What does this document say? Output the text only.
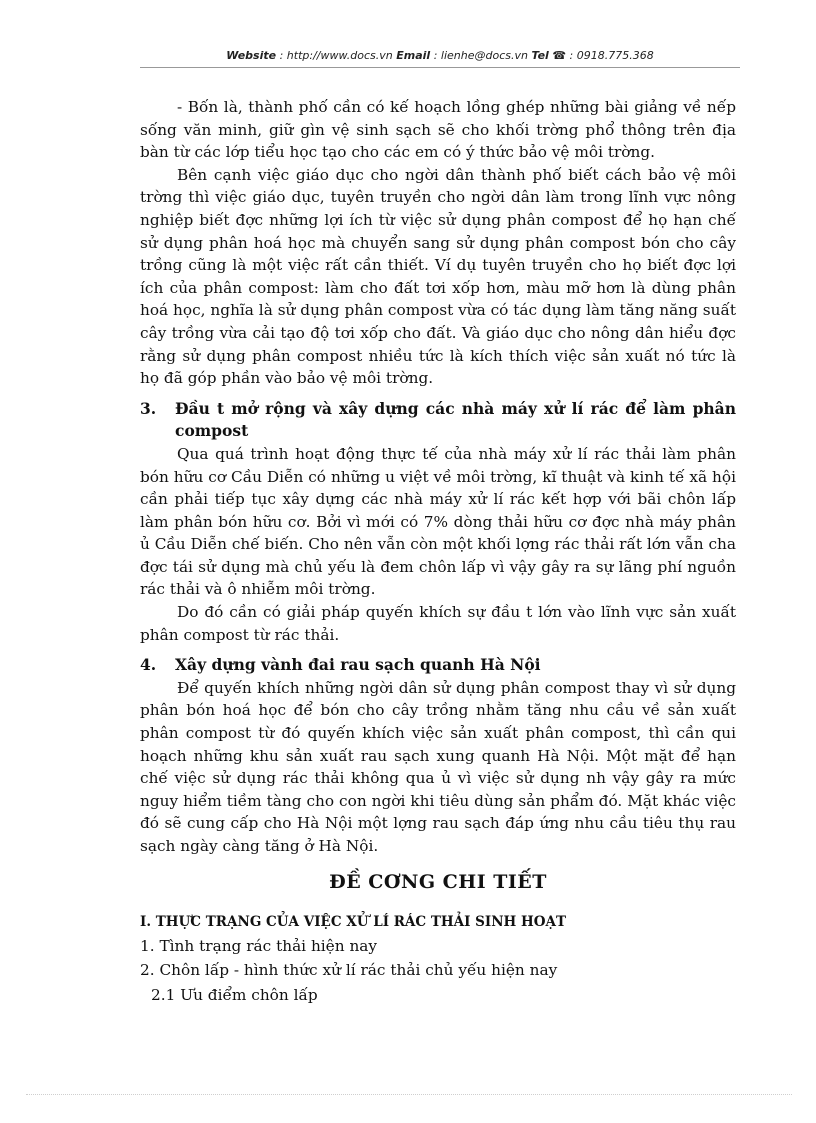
Website : http://www.docs.vn Email : lienhe@docs.vn Tel ☎ : 0918.775.368

- Bốn là, thành phố cần có kế hoạch lồng ghép những bài giảng về nếp sống văn minh, giữ gìn vệ sinh sạch sẽ cho khối trờng phổ thông trên địa bàn từ các lớp tiểu học tạo cho các em có ý thức bảo vệ môi trờng.

Bên cạnh việc giáo dục cho ngời dân thành phố biết cách bảo vệ môi trờng thì việc giáo dục, tuyên truyền cho ngời dân làm trong lĩnh vực nông nghiệp biết đợc những lợi ích từ việc sử dụng phân compost để họ hạn chế sử dụng phân hoá học mà chuyển sang sử dụng phân compost bón cho cây trồng cũng là một việc rất cần thiết. Ví dụ tuyên truyền cho họ biết đợc lợi ích của phân compost: làm cho đất tơi xốp hơn, màu mỡ hơn là dùng phân hoá học, nghĩa là sử dụng phân compost vừa có tác dụng làm tăng năng suất cây trồng vừa cải tạo độ tơi xốp cho đất. Và giáo dục cho nông dân hiểu đợc rằng sử dụng phân compost nhiều tức là kích thích việc sản xuất nó tức là họ đã góp phần vào bảo vệ môi trờng.

3.	Đầu t mở rộng và xây dựng các nhà máy xử lí rác để làm phân compost

Qua quá trình hoạt động thực tế của nhà máy xử lí rác thải làm phân bón hữu cơ Cầu Diễn có những u việt về môi trờng, kĩ thuật và kinh tế xã hội cần phải tiếp tục xây dựng các nhà máy xử lí rác kết hợp với bãi chôn lấp làm phân bón hữu cơ. Bởi vì mới có 7% dòng thải hữu cơ đợc nhà máy phân ủ Cầu Diễn chế biến. Cho nên vẫn còn một khối lợng rác thải rất lớn vẫn cha đợc tái sử dụng mà chủ yếu là đem chôn lấp vì vậy gây ra sự lãng phí nguồn rác thải và ô nhiễm môi trờng.

Do đó cần có giải pháp quyến khích sự đầu t lớn vào lĩnh vực sản xuất phân compost từ rác thải.

4.	Xây dựng vành đai rau sạch quanh Hà Nội

Để quyến khích những ngời dân sử dụng phân compost thay vì sử dụng phân bón hoá học để bón cho cây trồng nhằm tăng nhu cầu về sản xuất phân compost từ đó quyến khích việc sản xuất phân compost, thì cần qui hoạch những khu sản xuất rau sạch xung quanh Hà Nội. Một mặt để hạn chế việc sử dụng rác thải không qua ủ vì việc sử dụng nh vậy gây ra mức nguy hiểm tiềm tàng cho con ngời khi tiêu dùng sản phẩm đó. Mặt khác việc đó sẽ cung cấp cho Hà Nội một lợng rau sạch đáp ứng nhu cầu tiêu thụ rau sạch ngày càng tăng ở Hà Nội.

ĐỀ CƠNG CHI TIẾT

I. THỰC TRẠNG CỦA VIỆC XỬ LÍ RÁC THẢI SINH HOẠT

1. Tình trạng rác thải hiện nay

2. Chôn lấp - hình thức xử lí rác thải chủ yếu hiện nay

2.1 Ưu điểm chôn lấp
